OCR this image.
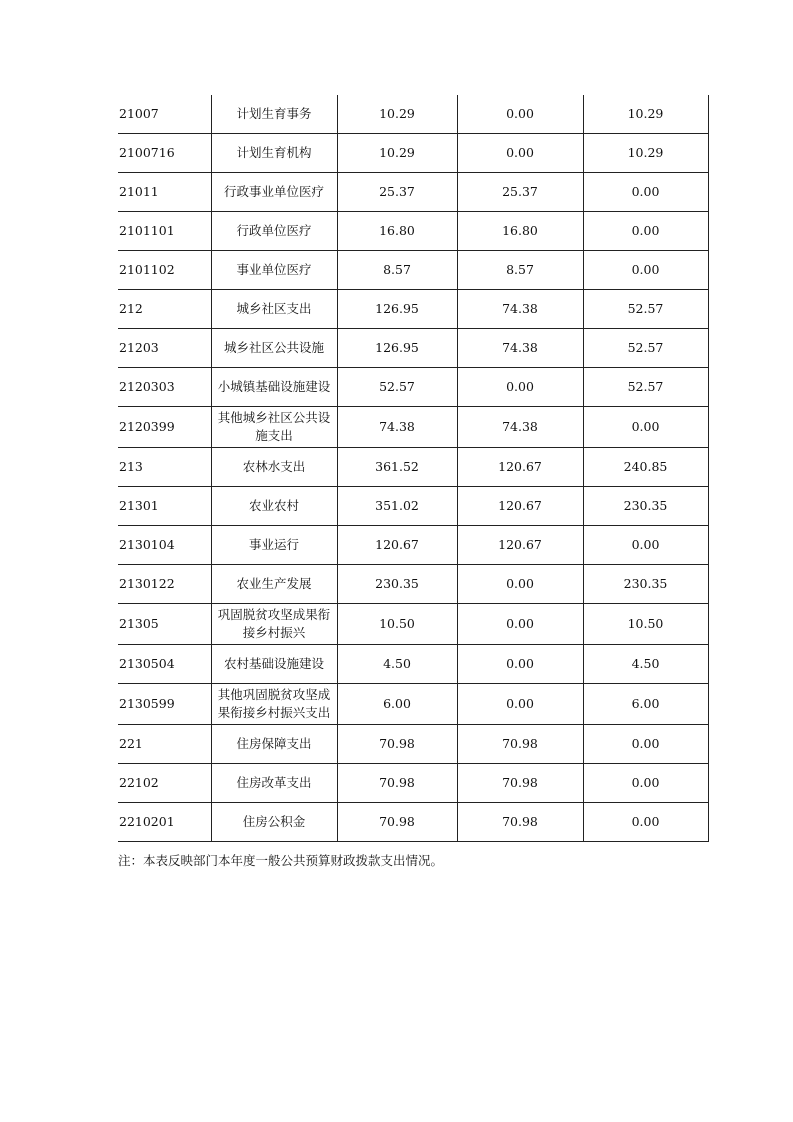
21007	计划生育事务	10.29	0.00	10.29
2100716	计划生育机构	10.29	0.00	10.29
21011	行政事业单位医疗	25.37	25.37	0.00
2101101	行政单位医疗	16.80	16.80	0.00
2101102	事业单位医疗	8.57	8.57	0.00
212	城乡社区支出	126.95	74.38	52.57
21203	城乡社区公共设施	126.95	74.38	52.57
2120303	小城镇基础设施建设	52.57	0.00	52.57
2120399	其他城乡社区公共设施支出	74.38	74.38	0.00
213	农林水支出	361.52	120.67	240.85
21301	农业农村	351.02	120.67	230.35
2130104	事业运行	120.67	120.67	0.00
2130122	农业生产发展	230.35	0.00	230.35
21305	巩固脱贫攻坚成果衔接乡村振兴	10.50	0.00	10.50
2130504	农村基础设施建设	4.50	0.00	4.50
2130599	其他巩固脱贫攻坚成果衔接乡村振兴支出	6.00	0.00	6.00
221	住房保障支出	70.98	70.98	0.00
22102	住房改革支出	70.98	70.98	0.00
2210201	住房公积金	70.98	70.98	0.00
注：本表反映部门本年度一般公共预算财政拨款支出情况。
